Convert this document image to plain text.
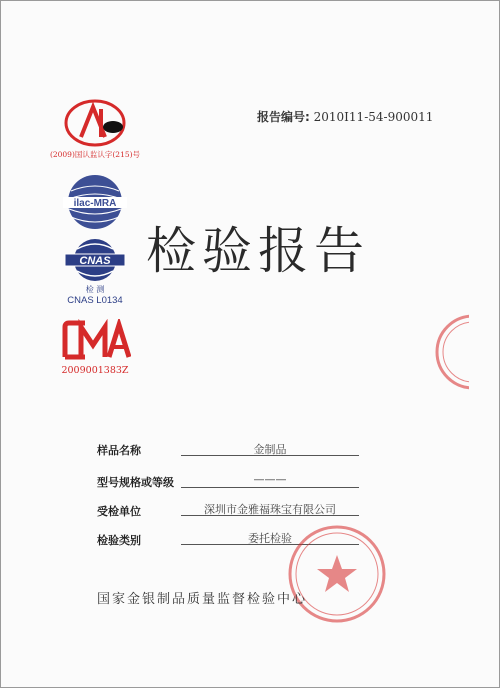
(2009)国认监认字(215)号
ilac-MRA
CNAS
检 测
CNAS L0134
2009001383Z
报告编号: 2010I11-54-900011
检验报告
样品名称	金制品
型号规格或等级	———
受检单位	深圳市金雅福珠宝有限公司
检验类别	委托检验
国家金银制品质量监督检验中心
